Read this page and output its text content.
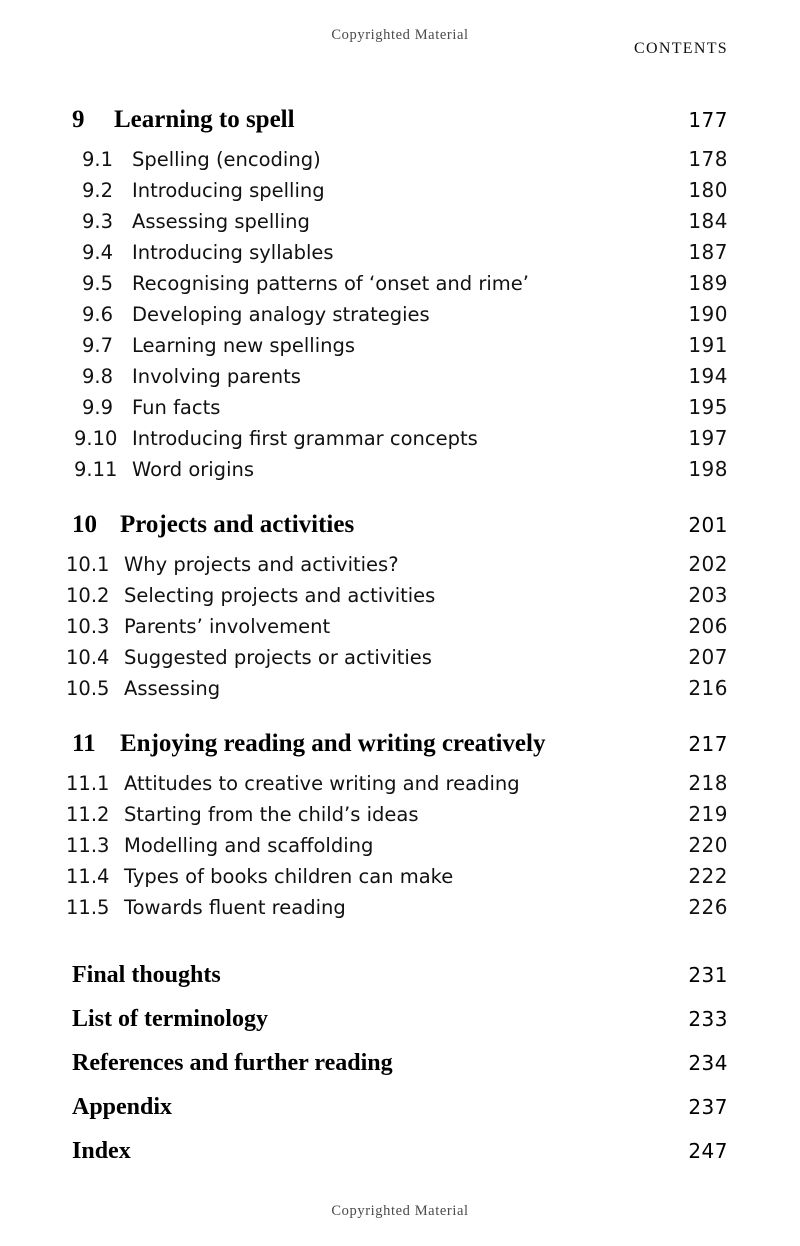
Copyrighted Material
CONTENTS
9	Learning to spell	177
9.1 Spelling (encoding)	178
9.2 Introducing spelling	180
9.3 Assessing spelling	184
9.4 Introducing syllables	187
9.5 Recognising patterns of ‘onset and rime’	189
9.6 Developing analogy strategies	190
9.7 Learning new spellings	191
9.8 Involving parents	194
9.9 Fun facts	195
9.10 Introducing first grammar concepts	197
9.11 Word origins	198
10 Projects and activities	201
10.1 Why projects and activities?	202
10.2 Selecting projects and activities	203
10.3 Parents’ involvement	206
10.4 Suggested projects or activities	207
10.5 Assessing	216
11 Enjoying reading and writing creatively	217
11.1 Attitudes to creative writing and reading	218
11.2 Starting from the child’s ideas	219
11.3 Modelling and scaffolding	220
11.4 Types of books children can make	222
11.5 Towards fluent reading	226
Final thoughts	231
List of terminology	233
References and further reading	234
Appendix	237
Index	247
Copyrighted Material
